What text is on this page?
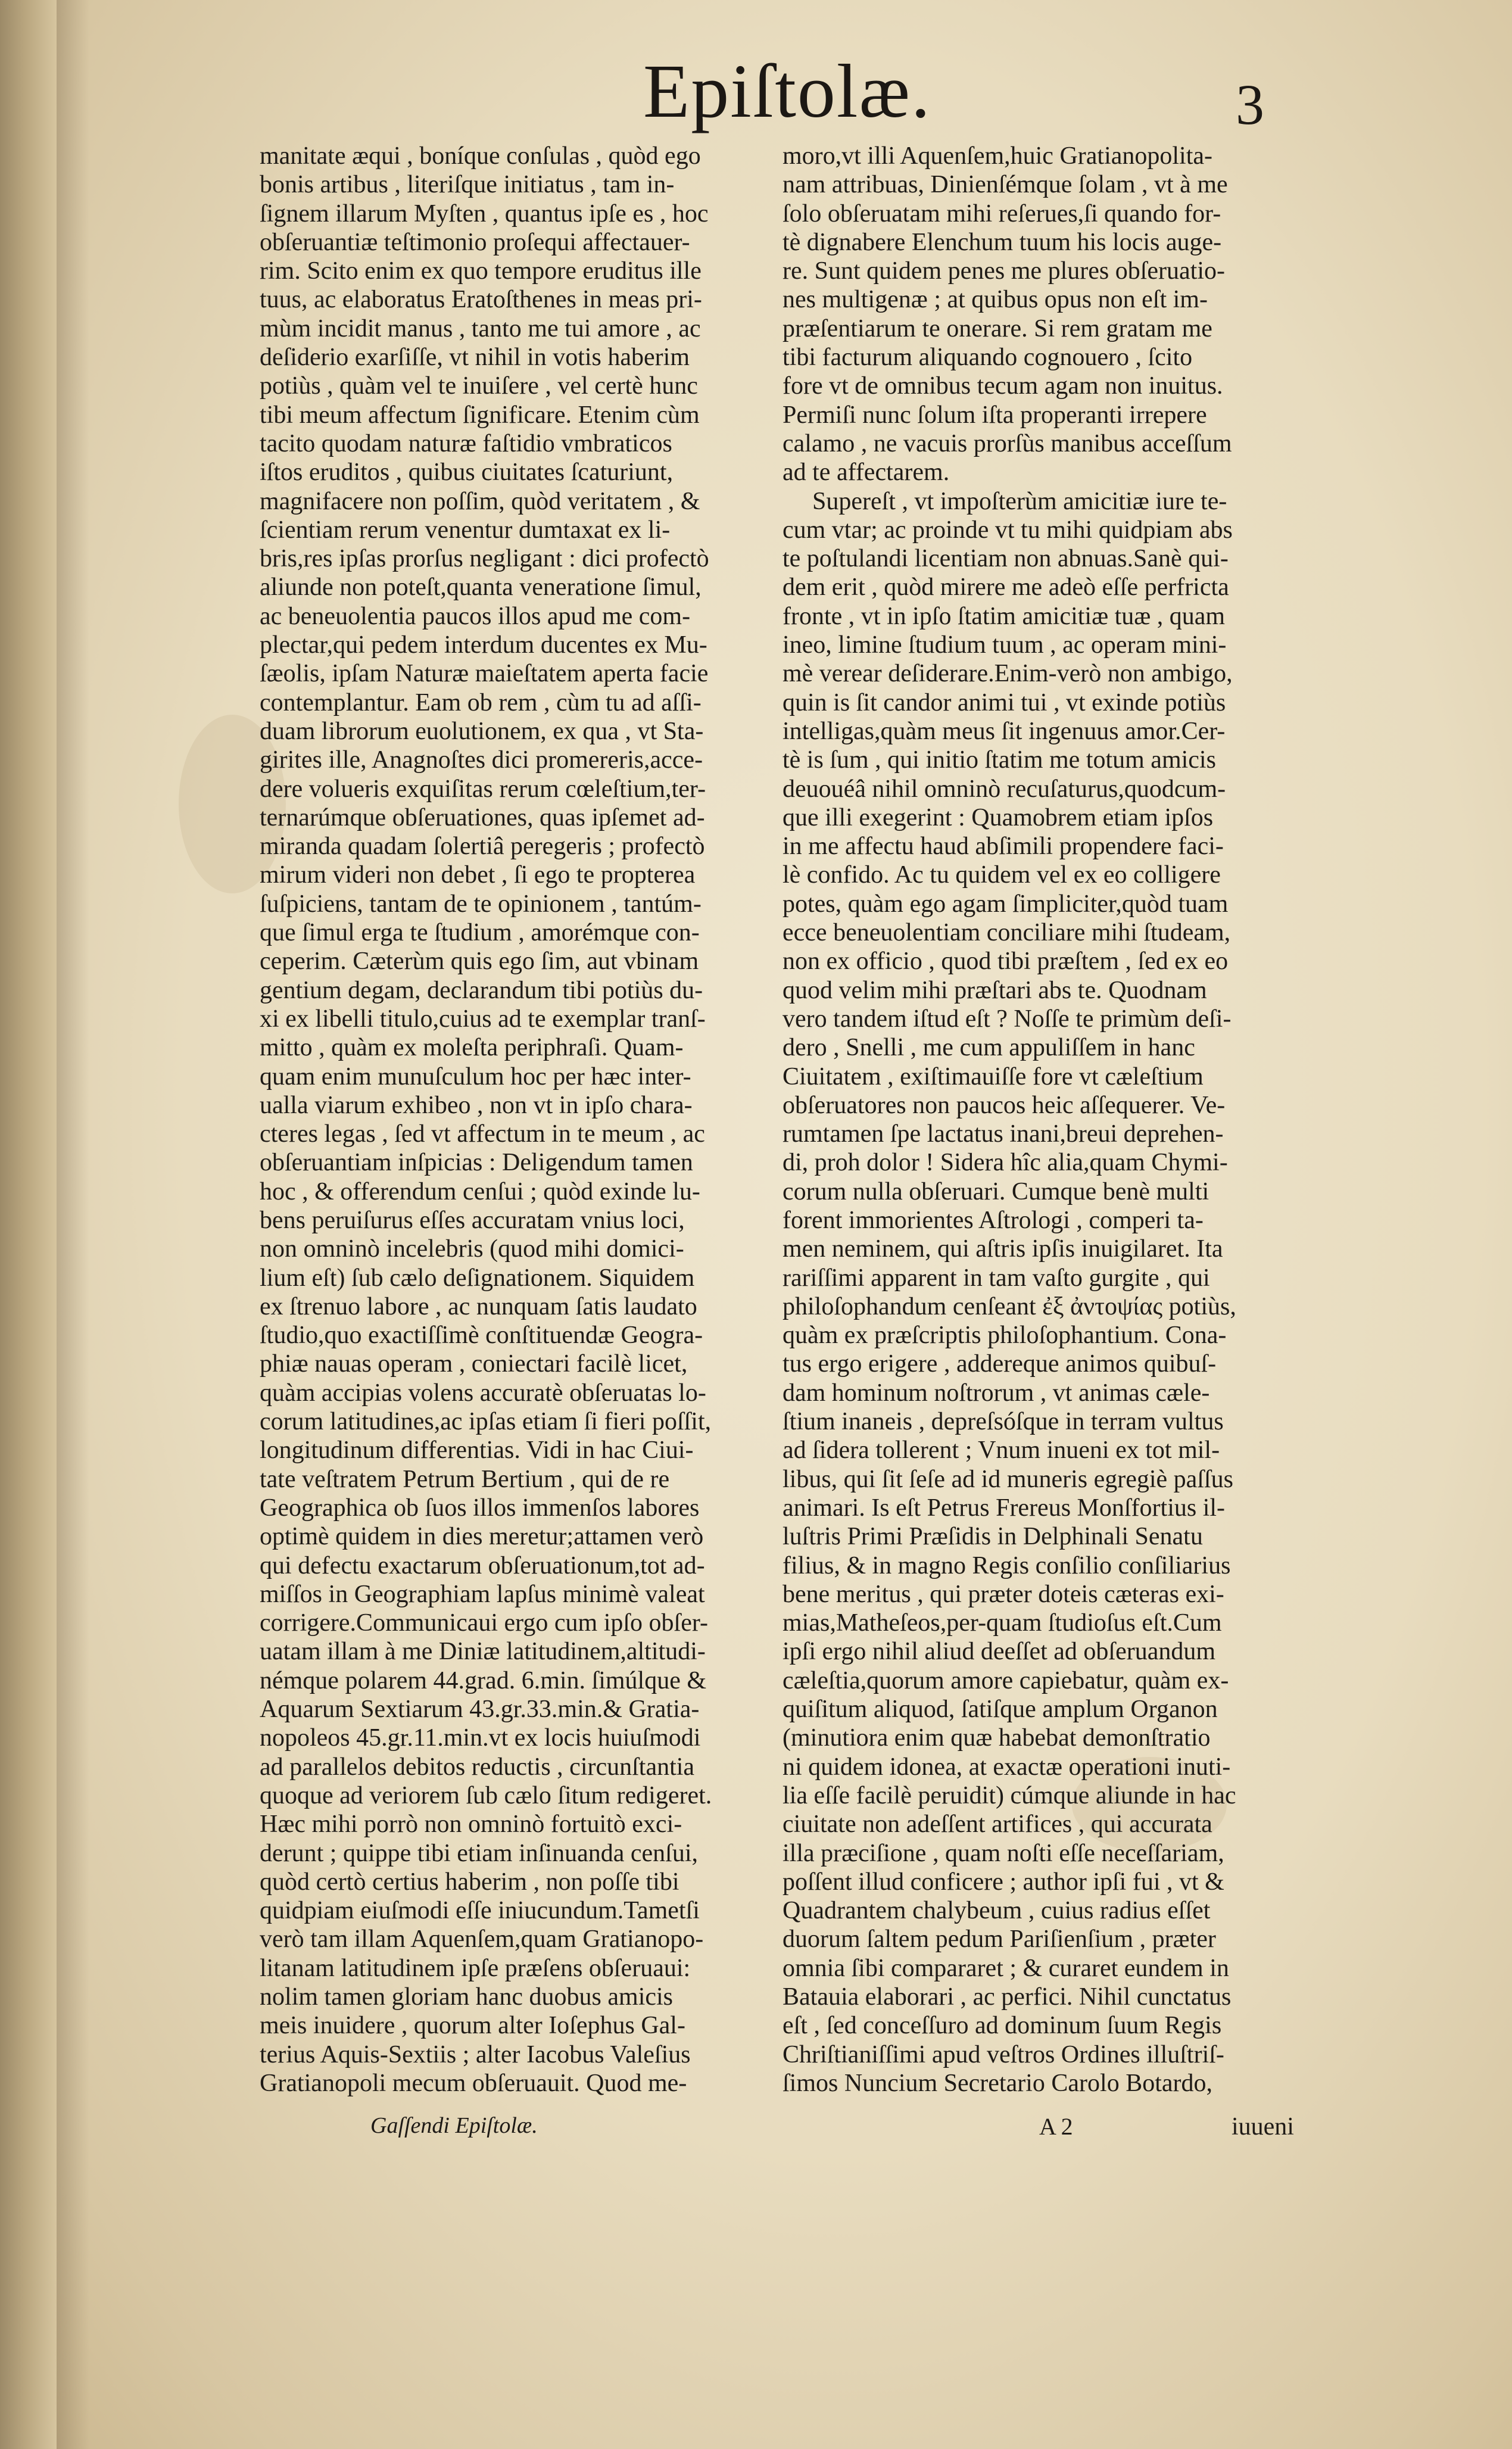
Epiſtolæ.	3
manitate æqui , boníque conſulas , quòd ego
bonis artibus , literiſque initiatus , tam in-
ſignem illarum Myſten , quantus ipſe es , hoc
obſeruantiæ teſtimonio proſequi affectauer-
rim. Scito enim ex quo tempore eruditus ille
tuus, ac elaboratus Eratoſthenes in meas pri-
mùm incidit manus , tanto me tui amore , ac
deſiderio exarſiſſe, vt nihil in votis haberim
potiùs , quàm vel te inuiſere , vel certè hunc
tibi meum affectum ſignificare. Etenim cùm
tacito quodam naturæ faſtidio vmbraticos
iſtos eruditos , quibus ciuitates ſcaturiunt,
magnifacere non poſſim, quòd veritatem , &
ſcientiam rerum venentur dumtaxat ex li-
bris,res ipſas prorſus negligant : dici profectò
aliunde non poteſt,quanta veneratione ſimul,
ac beneuolentia paucos illos apud me com-
plectar,qui pedem interdum ducentes ex Mu-
ſæolis, ipſam Naturæ maieſtatem aperta facie
contemplantur. Eam ob rem , cùm tu ad aſſi-
duam librorum euolutionem, ex qua , vt Sta-
girites ille, Anagnoſtes dici promereris,acce-
dere volueris exquiſitas rerum cœleſtium,ter-
ternarúmque obſeruationes, quas ipſemet ad-
miranda quadam ſolertiâ peregeris ; profectò
mirum videri non debet , ſi ego te propterea
ſuſpiciens, tantam de te opinionem , tantúm-
que ſimul erga te ſtudium , amorémque con-
ceperim. Cæterùm quis ego ſim, aut vbinam
gentium degam, declarandum tibi potiùs du-
xi ex libelli titulo,cuius ad te exemplar tranſ-
mitto , quàm ex moleſta periphraſi. Quam-
quam enim munuſculum hoc per hæc inter-
ualla viarum exhibeo , non vt in ipſo chara-
cteres legas , ſed vt affectum in te meum , ac
obſeruantiam inſpicias : Deligendum tamen
hoc , & offerendum cenſui ; quòd exinde lu-
bens peruiſurus eſſes accuratam vnius loci,
non omninò incelebris (quod mihi domici-
lium eſt) ſub cælo deſignationem. Siquidem
ex ſtrenuo labore , ac nunquam ſatis laudato
ſtudio,quo exactiſſimè conſtituendæ Geogra-
phiæ nauas operam , coniectari facilè licet,
quàm accipias volens accuratè obſeruatas lo-
corum latitudines,ac ipſas etiam ſi fieri poſſit,
longitudinum differentias. Vidi in hac Ciui-
tate veſtratem Petrum Bertium , qui de re
Geographica ob ſuos illos immenſos labores
optimè quidem in dies meretur;attamen verò
qui defectu exactarum obſeruationum,tot ad-
miſſos in Geographiam lapſus minimè valeat
corrigere.Communicaui ergo cum ipſo obſer-
uatam illam à me Diniæ latitudinem,altitudi-
némque polarem 44.grad. 6.min. ſimúlque &
Aquarum Sextiarum 43.gr.33.min.& Gratia-
nopoleos 45.gr.11.min.vt ex locis huiuſmodi
ad parallelos debitos reductis , circunſtantia
quoque ad veriorem ſub cælo ſitum redigeret.
Hæc mihi porrò non omninò fortuitò exci-
derunt ; quippe tibi etiam inſinuanda cenſui,
quòd certò certius haberim , non poſſe tibi
quidpiam eiuſmodi eſſe iniucundum.Tametſi
verò tam illam Aquenſem,quam Gratianopo-
litanam latitudinem ipſe præſens obſeruaui:
nolim tamen gloriam hanc duobus amicis
meis inuidere , quorum alter Ioſephus Gal-
terius Aquis-Sextiis ; alter Iacobus Valeſius
Gratianopoli mecum obſeruauit. Quod me-
moro,vt illi Aquenſem,huic Gratianopolita-
nam attribuas, Dinienſémque ſolam , vt à me
ſolo obſeruatam mihi reſerues,ſi quando for-
tè dignabere Elenchum tuum his locis auge-
re. Sunt quidem penes me plures obſeruatio-
nes multigenæ ; at quibus opus non eſt im-
præſentiarum te onerare. Si rem gratam me
tibi facturum aliquando cognouero , ſcito
fore vt de omnibus tecum agam non inuitus.
Permiſi nunc ſolum iſta properanti irrepere
calamo , ne vacuis prorſùs manibus acceſſum
ad te affectarem.
Supereſt , vt impoſterùm amicitiæ iure te-
cum vtar; ac proinde vt tu mihi quidpiam abs
te poſtulandi licentiam non abnuas.Sanè qui-
dem erit , quòd mirere me adeò eſſe perfricta
fronte , vt in ipſo ſtatim amicitiæ tuæ , quam
ineo, limine ſtudium tuum , ac operam mini-
mè verear deſiderare.Enim-verò non ambigo,
quin is ſit candor animi tui , vt exinde potiùs
intelligas,quàm meus ſit ingenuus amor.Cer-
tè is ſum , qui initio ſtatim me totum amicis
deuouéâ nihil omninò recuſaturus,quodcum-
que illi exegerint : Quamobrem etiam ipſos
in me affectu haud abſimili propendere faci-
lè confido. Ac tu quidem vel ex eo colligere
potes, quàm ego agam ſimpliciter,quòd tuam
ecce beneuolentiam conciliare mihi ſtudeam,
non ex officio , quod tibi præſtem , ſed ex eo
quod velim mihi præſtari abs te. Quodnam
vero tandem iſtud eſt ? Noſſe te primùm deſi-
dero , Snelli , me cum appuliſſem in hanc
Ciuitatem , exiſtimauiſſe fore vt cæleſtium
obſeruatores non paucos heic aſſequerer. Ve-
rumtamen ſpe lactatus inani,breui deprehen-
di, proh dolor ! Sidera hîc alia,quam Chymi-
corum nulla obſeruari. Cumque benè multi
forent immorientes Aſtrologi , comperi ta-
men neminem, qui aſtris ipſis inuigilaret. Ita
rariſſimi apparent in tam vaſto gurgite , qui
philoſophandum cenſeant ἐξ ἀντοψίας potiùs,
quàm ex præſcriptis philoſophantium. Cona-
tus ergo erigere , addereque animos quibuſ-
dam hominum noſtrorum , vt animas cæle-
ſtium inaneis , depreſsóſque in terram vultus
ad ſidera tollerent ; Vnum inueni ex tot mil-
libus, qui ſit ſeſe ad id muneris egregiè paſſus
animari. Is eſt Petrus Frereus Monſfortius il-
luſtris Primi Præſidis in Delphinali Senatu
filius, & in magno Regis conſilio conſiliarius
bene meritus , qui præter doteis cæteras exi-
mias,Matheſeos,per-quam ſtudioſus eſt.Cum
ipſi ergo nihil aliud deeſſet ad obſeruandum
cæleſtia,quorum amore capiebatur, quàm ex-
quiſitum aliquod, ſatiſque amplum Organon
(minutiora enim quæ habebat demonſtratio
ni quidem idonea, at exactæ operationi inuti-
lia eſſe facilè peruidit) cúmque aliunde in hac
ciuitate non adeſſent artifices , qui accurata
illa præciſione , quam noſti eſſe neceſſariam,
poſſent illud conficere ; author ipſi fui , vt &
Quadrantem chalybeum , cuius radius eſſet
duorum ſaltem pedum Pariſienſium , præter
omnia ſibi compararet ; & curaret eundem in
Batauia elaborari , ac perfici. Nihil cunctatus
eſt , ſed conceſſuro ad dominum ſuum Regis
Chriſtianiſſimi apud veſtros Ordines illuſtriſ-
ſimos Nuncium Secretario Carolo Botardo,
Gaſſendi Epiſtolæ.	A 2	iuueni
